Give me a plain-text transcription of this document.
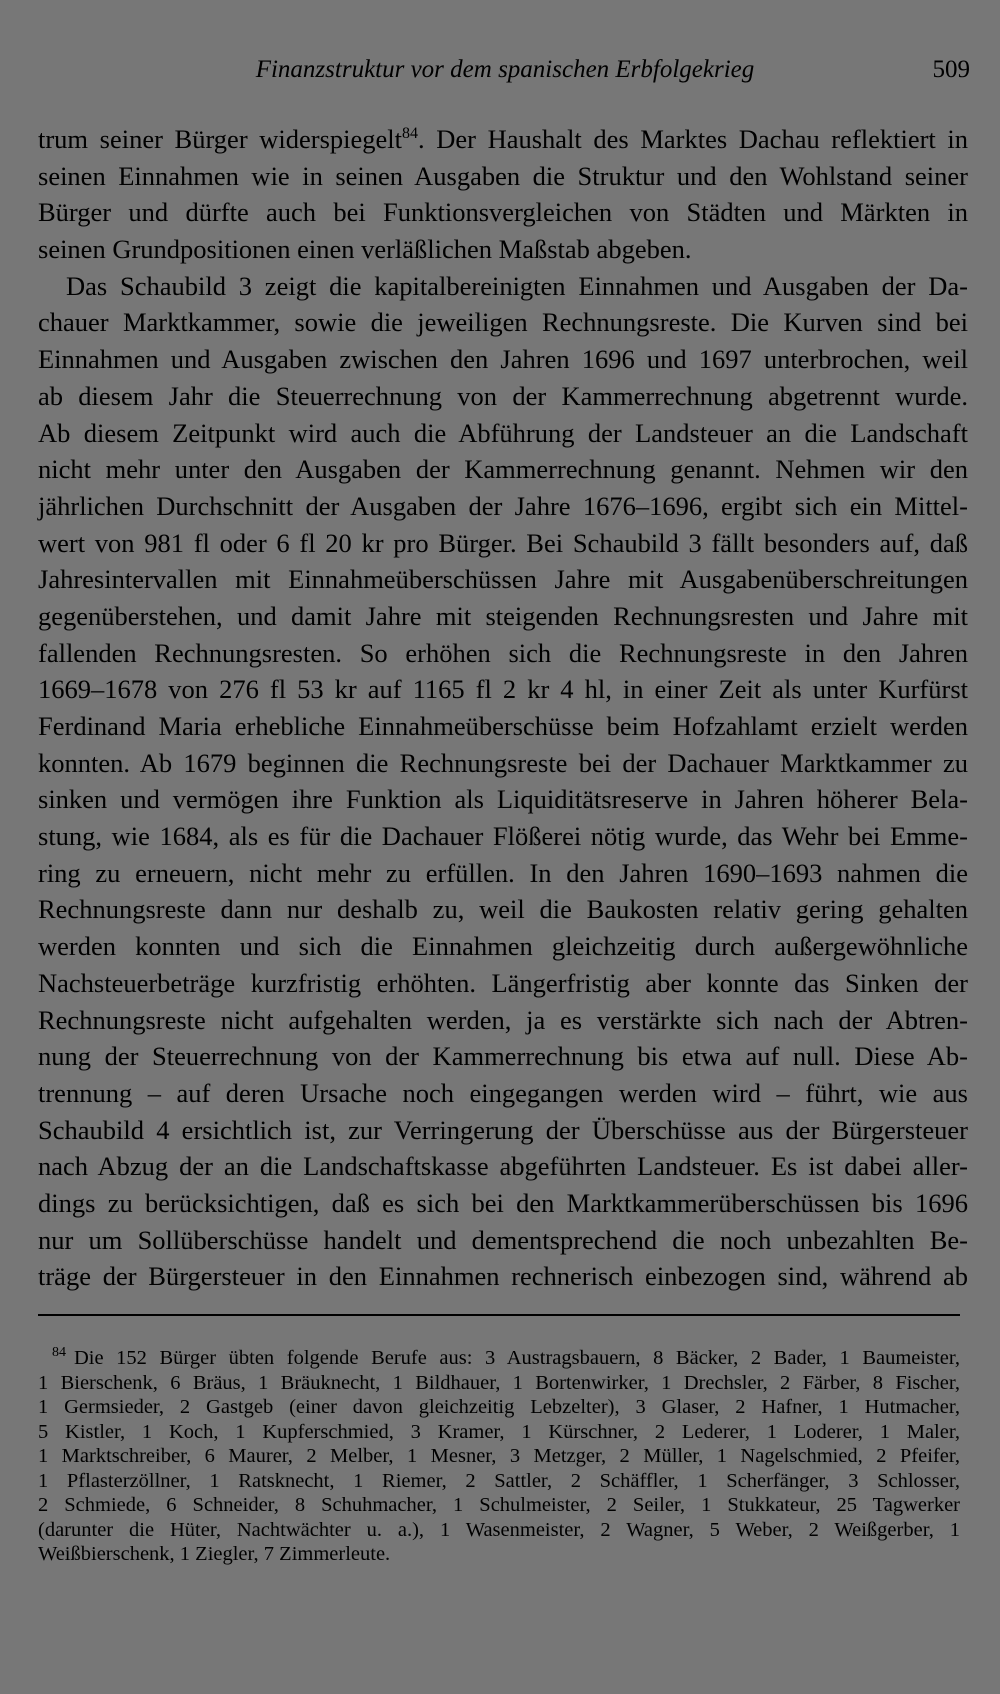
Finanzstruktur vor dem spanischen Erbfolgekrieg	509
trum seiner Bürger widerspiegelt$^{84}$. Der Haushalt des Marktes Dachau reflektiert in
seinen Einnahmen wie in seinen Ausgaben die Struktur und den Wohlstand seiner
Bürger und dürfte auch bei Funktionsvergleichen von Städten und Märkten in
seinen Grundpositionen einen verläßlichen Maßstab abgeben.
Das Schaubild 3 zeigt die kapitalbereinigten Einnahmen und Ausgaben der Da-
chauer Marktkammer, sowie die jeweiligen Rechnungsreste. Die Kurven sind bei
Einnahmen und Ausgaben zwischen den Jahren 1696 und 1697 unterbrochen, weil
ab diesem Jahr die Steuerrechnung von der Kammerrechnung abgetrennt wurde.
Ab diesem Zeitpunkt wird auch die Abführung der Landsteuer an die Landschaft
nicht mehr unter den Ausgaben der Kammerrechnung genannt. Nehmen wir den
jährlichen Durchschnitt der Ausgaben der Jahre 1676–1696, ergibt sich ein Mittel-
wert von 981 fl oder 6 fl 20 kr pro Bürger. Bei Schaubild 3 fällt besonders auf, daß
Jahresintervallen mit Einnahmeüberschüssen Jahre mit Ausgabenüberschreitungen
gegenüberstehen, und damit Jahre mit steigenden Rechnungsresten und Jahre mit
fallenden Rechnungsresten. So erhöhen sich die Rechnungsreste in den Jahren
1669–1678 von 276 fl 53 kr auf 1165 fl 2 kr 4 hl, in einer Zeit als unter Kurfürst
Ferdinand Maria erhebliche Einnahmeüberschüsse beim Hofzahlamt erzielt werden
konnten. Ab 1679 beginnen die Rechnungsreste bei der Dachauer Marktkammer zu
sinken und vermögen ihre Funktion als Liquiditätsreserve in Jahren höherer Bela-
stung, wie 1684, als es für die Dachauer Flößerei nötig wurde, das Wehr bei Emme-
ring zu erneuern, nicht mehr zu erfüllen. In den Jahren 1690–1693 nahmen die
Rechnungsreste dann nur deshalb zu, weil die Baukosten relativ gering gehalten
werden konnten und sich die Einnahmen gleichzeitig durch außergewöhnliche
Nachsteuerbeträge kurzfristig erhöhten. Längerfristig aber konnte das Sinken der
Rechnungsreste nicht aufgehalten werden, ja es verstärkte sich nach der Abtren-
nung der Steuerrechnung von der Kammerrechnung bis etwa auf null. Diese Ab-
trennung – auf deren Ursache noch eingegangen werden wird – führt, wie aus
Schaubild 4 ersichtlich ist, zur Verringerung der Überschüsse aus der Bürgersteuer
nach Abzug der an die Landschaftskasse abgeführten Landsteuer. Es ist dabei aller-
dings zu berücksichtigen, daß es sich bei den Marktkammerüberschüssen bis 1696
nur um Sollüberschüsse handelt und dementsprechend die noch unbezahlten Be-
träge der Bürgersteuer in den Einnahmen rechnerisch einbezogen sind, während ab
$^{84}$ Die 152 Bürger übten folgende Berufe aus: 3 Austragsbauern, 8 Bäcker, 2 Bader, 1 Baumeister,
1 Bierschenk, 6 Bräus, 1 Bräuknecht, 1 Bildhauer, 1 Bortenwirker, 1 Drechsler, 2 Färber, 8 Fischer,
1 Germsieder, 2 Gastgeb (einer davon gleichzeitig Lebzelter), 3 Glaser, 2 Hafner, 1 Hutmacher,
5 Kistler, 1 Koch, 1 Kupferschmied, 3 Kramer, 1 Kürschner, 2 Lederer, 1 Loderer, 1 Maler,
1 Marktschreiber, 6 Maurer, 2 Melber, 1 Mesner, 3 Metzger, 2 Müller, 1 Nagelschmied, 2 Pfeifer,
1 Pflasterzöllner, 1 Ratsknecht, 1 Riemer, 2 Sattler, 2 Schäffler, 1 Scherfänger, 3 Schlosser,
2 Schmiede, 6 Schneider, 8 Schuhmacher, 1 Schulmeister, 2 Seiler, 1 Stukkateur, 25 Tagwerker
(darunter die Hüter, Nachtwächter u. a.), 1 Wasenmeister, 2 Wagner, 5 Weber, 2 Weißgerber, 1
Weißbierschenk, 1 Ziegler, 7 Zimmerleute.
